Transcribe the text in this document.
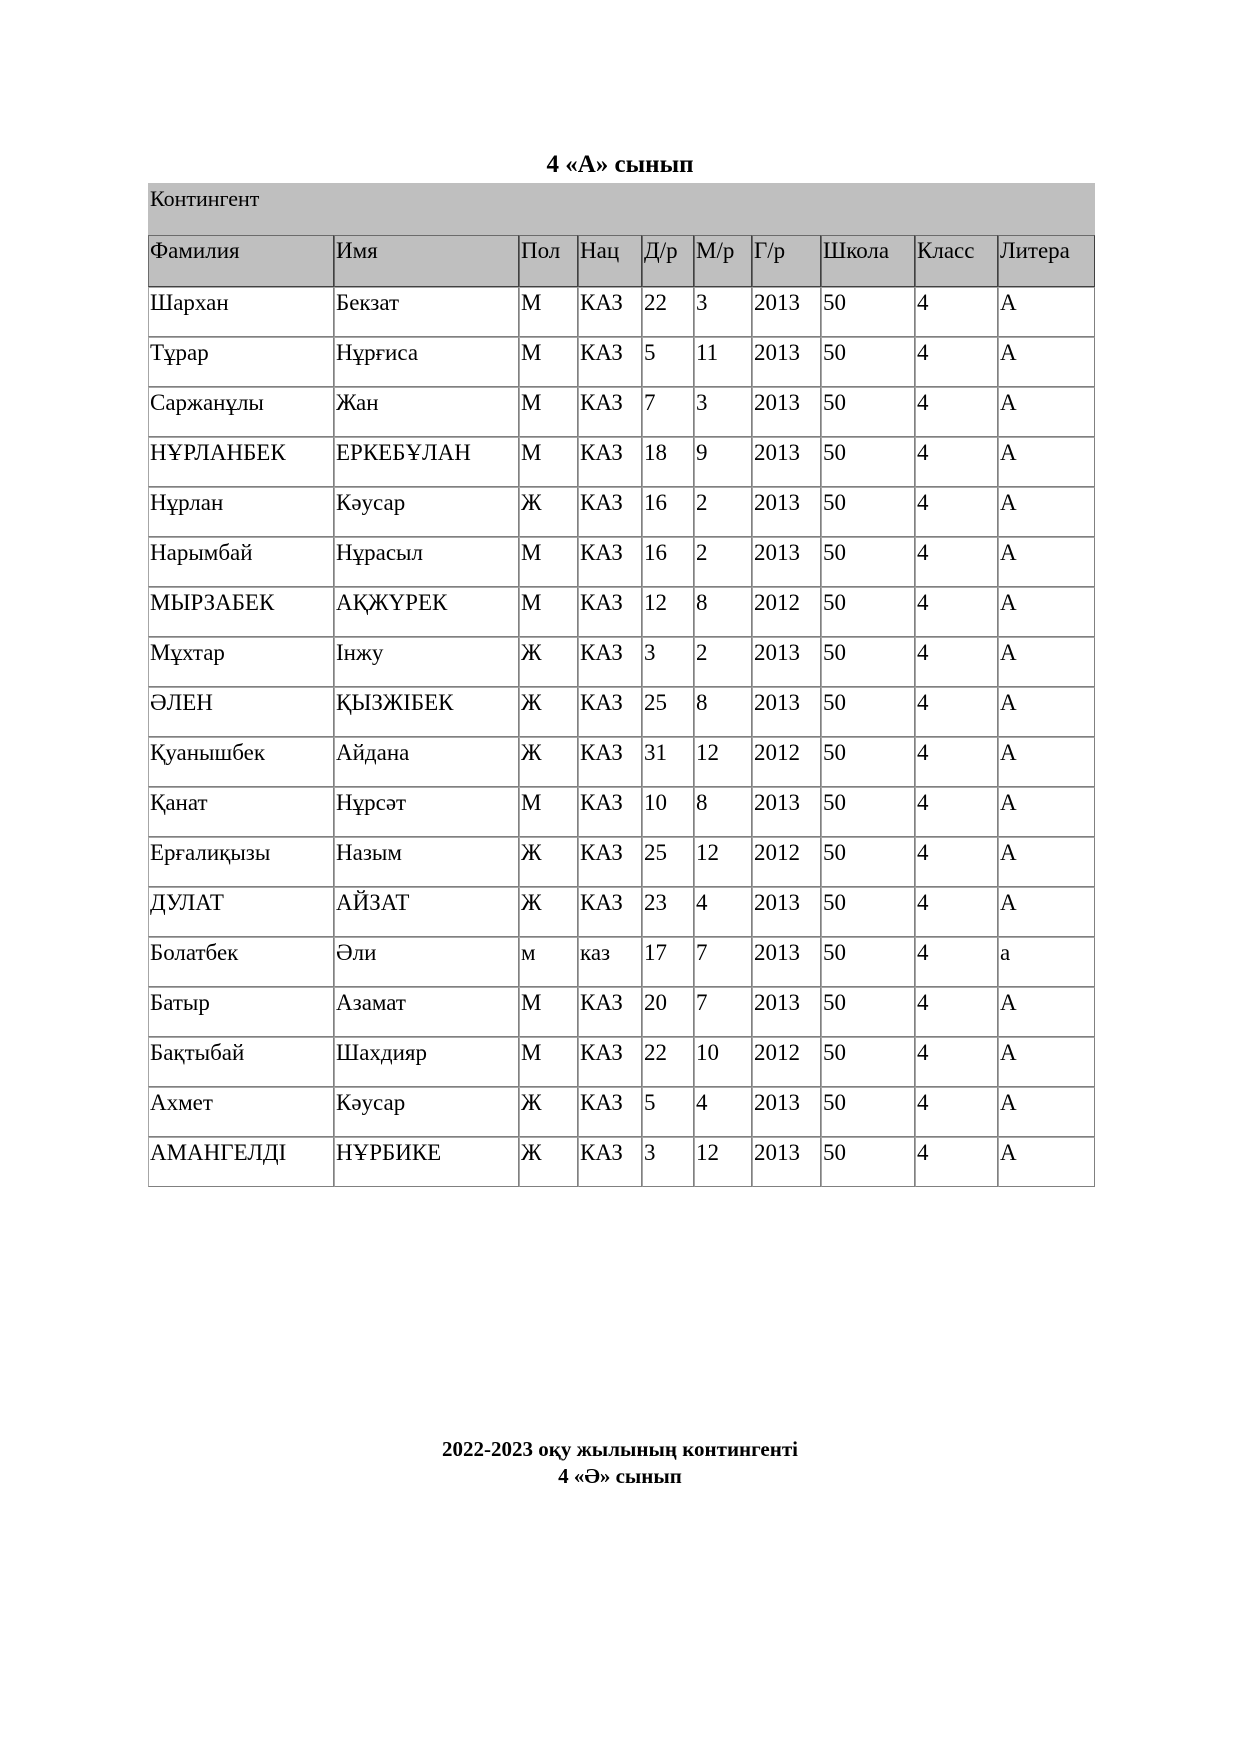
4 «А» сынып
Контингент									
Фамилия	Имя	Пол	Нац	Д/р	М/р	Г/р	Школа	Класс	Литера
Шархан	Бекзат	М	КАЗ	22	3	2013	50	4	А
Тұрар	Нұрғиса	М	КАЗ	5	11	2013	50	4	А
Саржанұлы	Жан	М	КАЗ	7	3	2013	50	4	А
НҰРЛАНБЕК	ЕРКЕБҰЛАН	М	КАЗ	18	9	2013	50	4	А
Нұрлан	Кәусар	Ж	КАЗ	16	2	2013	50	4	А
Нарымбай	Нұрасыл	М	КАЗ	16	2	2013	50	4	А
МЫРЗАБЕК	АҚЖҮРЕК	М	КАЗ	12	8	2012	50	4	А
Мұхтар	Інжу	Ж	КАЗ	3	2	2013	50	4	А
ӘЛЕН	ҚЫЗЖІБЕК	Ж	КАЗ	25	8	2013	50	4	А
Қуанышбек	Айдана	Ж	КАЗ	31	12	2012	50	4	А
Қанат	Нұрсәт	М	КАЗ	10	8	2013	50	4	А
Ерғалиқызы	Назым	Ж	КАЗ	25	12	2012	50	4	А
ДУЛАТ	АЙЗАТ	Ж	КАЗ	23	4	2013	50	4	А
Болатбек	Әли	м	каз	17	7	2013	50	4	а
Батыр	Азамат	М	КАЗ	20	7	2013	50	4	А
Бақтыбай	Шахдияр	М	КАЗ	22	10	2012	50	4	А
Ахмет	Кәусар	Ж	КАЗ	5	4	2013	50	4	А
АМАНГЕЛДІ	НҰРБИКЕ	Ж	КАЗ	3	12	2013	50	4	А
2022-2023 оқу жылының контингенті
4 «Ә» сынып
